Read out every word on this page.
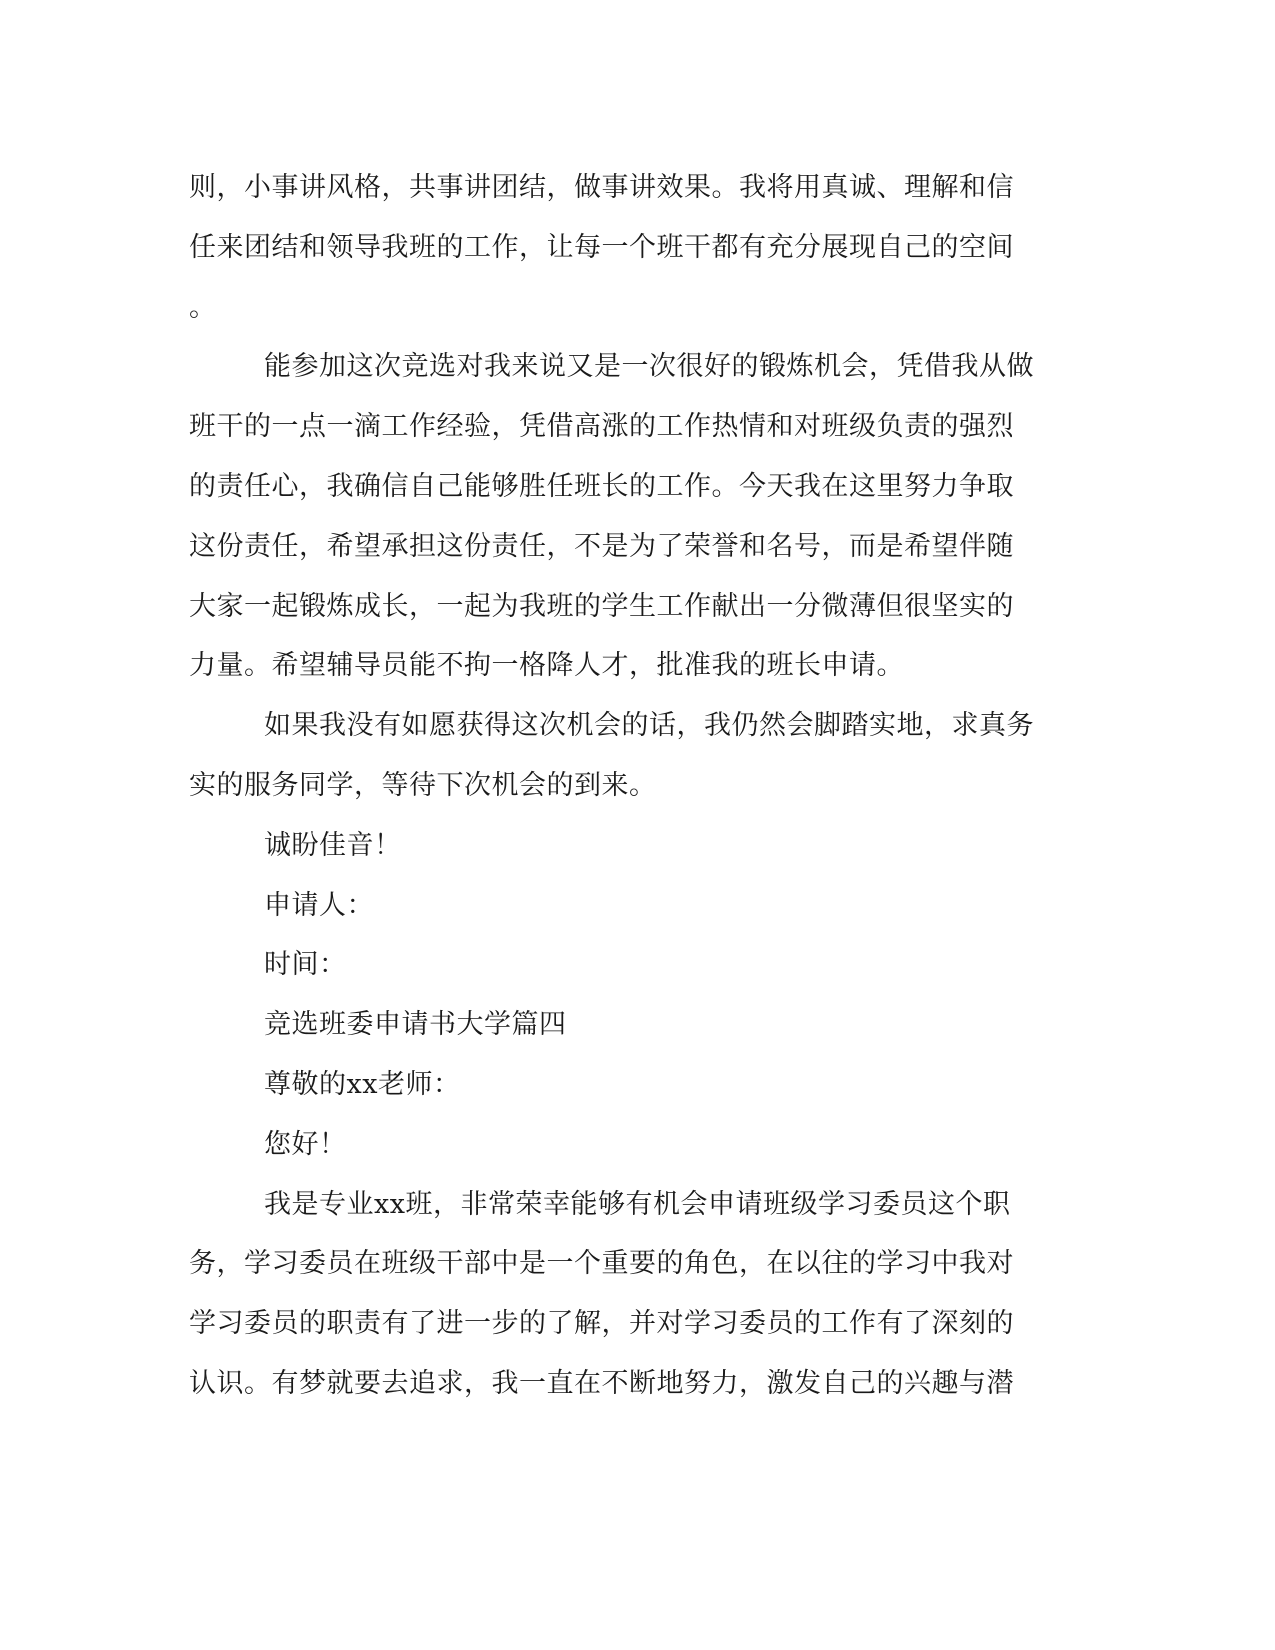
则，小事讲风格，共事讲团结，做事讲效果。我将用真诚、理解和信
任来团结和领导我班的工作，让每一个班干都有充分展现自己的空间
。
能参加这次竞选对我来说又是一次很好的锻炼机会，凭借我从做
班干的一点一滴工作经验，凭借高涨的工作热情和对班级负责的强烈
的责任心，我确信自己能够胜任班长的工作。今天我在这里努力争取
这份责任，希望承担这份责任，不是为了荣誉和名号，而是希望伴随
大家一起锻炼成长，一起为我班的学生工作献出一分微薄但很坚实的
力量。希望辅导员能不拘一格降人才，批准我的班长申请。
如果我没有如愿获得这次机会的话，我仍然会脚踏实地，求真务
实的服务同学，等待下次机会的到来。
诚盼佳音！
申请人：
时间：
竞选班委申请书大学篇四
尊敬的xx老师：
您好！
我是专业xx班，非常荣幸能够有机会申请班级学习委员这个职
务，学习委员在班级干部中是一个重要的角色，在以往的学习中我对
学习委员的职责有了进一步的了解，并对学习委员的工作有了深刻的
认识。有梦就要去追求，我一直在不断地努力，激发自己的兴趣与潜
